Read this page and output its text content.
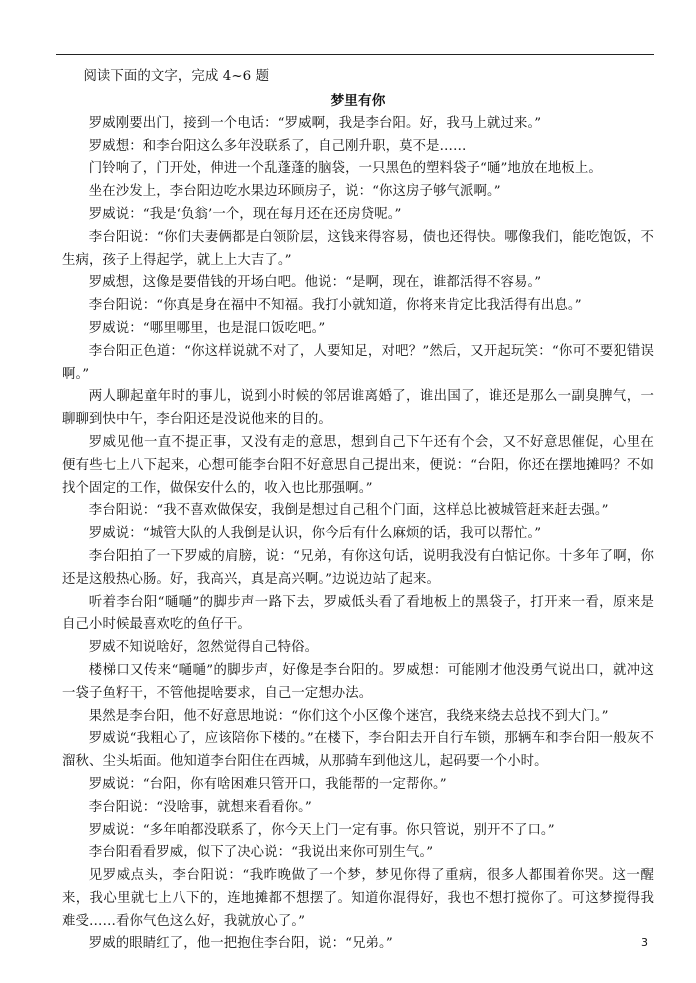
阅读下面的文字，完成 4~6 题

梦里有你

罗威刚要出门，接到一个电话：“罗威啊，我是李台阳。好，我马上就过来。”

罗威想：和李台阳这么多年没联系了，自己刚升职，莫不是……

门铃响了，门开处，伸进一个乱蓬蓬的脑袋，一只黑色的塑料袋子“嗵”地放在地板上。

坐在沙发上，李台阳边吃水果边环顾房子，说：“你这房子够气派啊。”

罗威说：“我是‘负翁’一个，现在每月还在还房贷呢。”

李台阳说：“你们夫妻俩都是白领阶层，这钱来得容易，债也还得快。哪像我们，能吃饱饭，不生病，孩子上得起学，就上上大吉了。”

罗威想，这像是要借钱的开场白吧。他说：“是啊，现在，谁都活得不容易。”

李台阳说：“你真是身在福中不知福。我打小就知道，你将来肯定比我活得有出息。”

罗威说：“哪里哪里，也是混口饭吃吧。”

李台阳正色道：“你这样说就不对了，人要知足，对吧？”然后，又开起玩笑：“你可不要犯错误啊。”

两人聊起童年时的事儿，说到小时候的邻居谁离婚了，谁出国了，谁还是那么一副臭脾气，一聊聊到快中午，李台阳还是没说他来的目的。

罗威见他一直不提正事，又没有走的意思，想到自己下午还有个会，又不好意思催促，心里在便有些七上八下起来，心想可能李台阳不好意思自己提出来，便说：“台阳，你还在摆地摊吗？不如找个固定的工作，做保安什么的，收入也比那强啊。”

李台阳说：“我不喜欢做保安，我倒是想过自己租个门面，这样总比被城管赶来赶去强。”

罗威说：“城管大队的人我倒是认识，你今后有什么麻烦的话，我可以帮忙。”

李台阳拍了一下罗威的肩膀，说：“兄弟，有你这句话，说明我没有白惦记你。十多年了啊，你还是这般热心肠。好，我高兴，真是高兴啊。”边说边站了起来。

听着李台阳“嗵嗵”的脚步声一路下去，罗威低头看了看地板上的黑袋子，打开来一看，原来是自己小时候最喜欢吃的鱼仔干。

罗威不知说啥好，忽然觉得自己特俗。

楼梯口又传来“嗵嗵”的脚步声，好像是李台阳的。罗威想：可能刚才他没勇气说出口，就冲这一袋子鱼籽干，不管他提啥要求，自己一定想办法。

果然是李台阳，他不好意思地说：“你们这个小区像个迷宫，我绕来绕去总找不到大门。”

罗威说“我粗心了，应该陪你下楼的。”在楼下，李台阳去开自行车锁，那辆车和李台阳一般灰不溜秋、尘头垢面。他知道李台阳住在西城，从那骑车到他这儿，起码要一个小时。

罗威说：“台阳，你有啥困难只管开口，我能帮的一定帮你。”

李台阳说：“没啥事，就想来看看你。”

罗威说：“多年咱都没联系了，你今天上门一定有事。你只管说，别开不了口。”

李台阳看看罗威，似下了决心说：“我说出来你可别生气。”

见罗威点头，李台阳说：“我昨晚做了一个梦，梦见你得了重病，很多人都围着你哭。这一醒来，我心里就七上八下的，连地摊都不想摆了。知道你混得好，我也不想打搅你了。可这梦搅得我难受……看你气色这么好，我就放心了。”

罗威的眼睛红了，他一把抱住李台阳，说：“兄弟。”	3
